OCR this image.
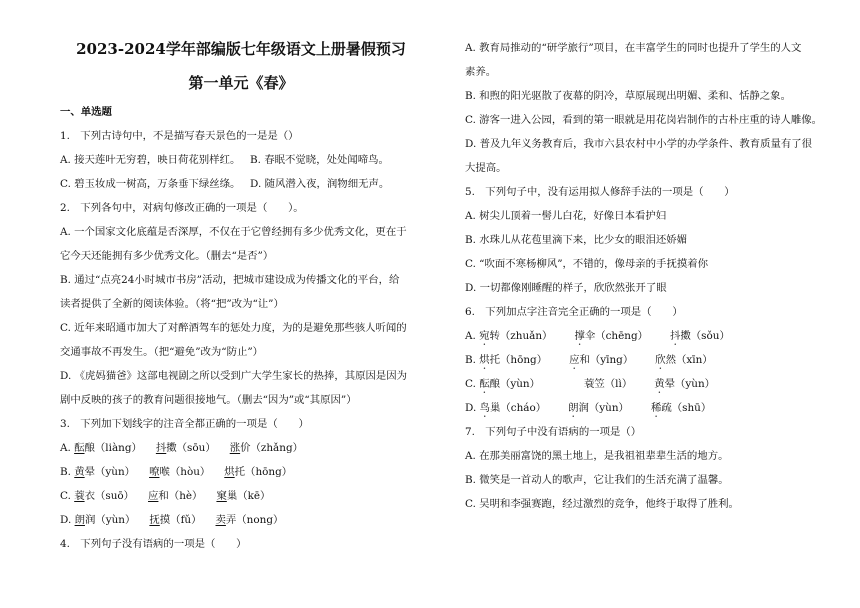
2023-2024学年部编版七年级语文上册暑假预习
第一单元《春》
一、单选题
1.　下列古诗句中，不是描写春天景色的一是是（）
A. 接天莲叶无穷碧，映日荷花别样红。 B. 春眠不觉晓，处处闻啼鸟。
C. 碧玉妆成一树高，万条垂下绿丝绦。 D. 随风潜入夜，润物细无声。
2.　下列各句中，对病句修改正确的一项是（　　）。
A. 一个国家文化底蕴是否深厚，不仅在于它曾经拥有多少优秀文化，更在于
它今天还能拥有多少优秀文化。（删去“是否”）
B. 通过“点亮24小时城市书房”活动，把城市建设成为传播文化的平台，给
读者提供了全新的阅读体验。（将“把”改为“让”）
C. 近年来昭通市加大了对醉酒驾车的惩处力度，为的是避免那些骇人听闻的
交通事故不再发生。（把“避免”改为“防止”）
D. 《虎妈猫爸》这部电视剧之所以受到广大学生家长的热捧，其原因是因为
剧中反映的孩子的教育问题很接地气。（删去“因为”或“其原因”）
3.　下列加下划线字的注音全都正确的一项是（　　）
A. 酝酿（liàng） 抖擞（sōu） 涨价（zhǎng）
B. 黄晕（yùn） 嘹喉（hòu） 烘托（hōng）
C. 蓑衣（suō） 应和（hè） 窠巢（kē）
D. 朗润（yùn） 抚摸（fǔ） 卖弄（nong）
4.　下列句子没有语病的一项是（　　）
A. 教育局推动的“研学旅行”项目，在丰富学生的同时也提升了学生的人文
素养。
B. 和煦的阳光驱散了夜幕的阴冷，草原展现出明媚、柔和、恬静之象。
C. 游客一进入公园，看到的第一眼就是用花岗岩制作的古朴庄重的诗人雕像。
D. 普及九年义务教育后，我市六县农村中小学的办学条件、教育质量有了很
大提高。
5.　下列句子中，没有运用拟人修辞手法的一项是（　　）
A. 树尖儿顶着一髻儿白花，好像日本看护妇
B. 水珠儿从花苞里滴下来，比少女的眼泪还娇媚
C. “吹面不寒杨柳风”，不错的，像母亲的手抚摸着你
D. 一切都像刚睡醒的样子，欣欣然张开了眼
6.　下列加点字注音完全正确的一项是（　　）
A. 宛转（zhuǎn） 撑伞（chēng） 抖擞（sǒu）
B. 烘托（hōng） 应和（yīng） 欣然（xīn）
C. 酝酿（yùn）	蓑笠（lì） 黄晕（yùn）
D. 鸟巢（cháo） 朗润（yùn） 稀疏（shū）
7.　下列句子中没有语病的一项是（）
A. 在那美丽富饶的黑土地上，是我祖祖辈辈生活的地方。
B. 微笑是一首动人的歌声，它让我们的生活充满了温馨。
C. 吴明和李强赛跑，经过激烈的竞争，他终于取得了胜利。
